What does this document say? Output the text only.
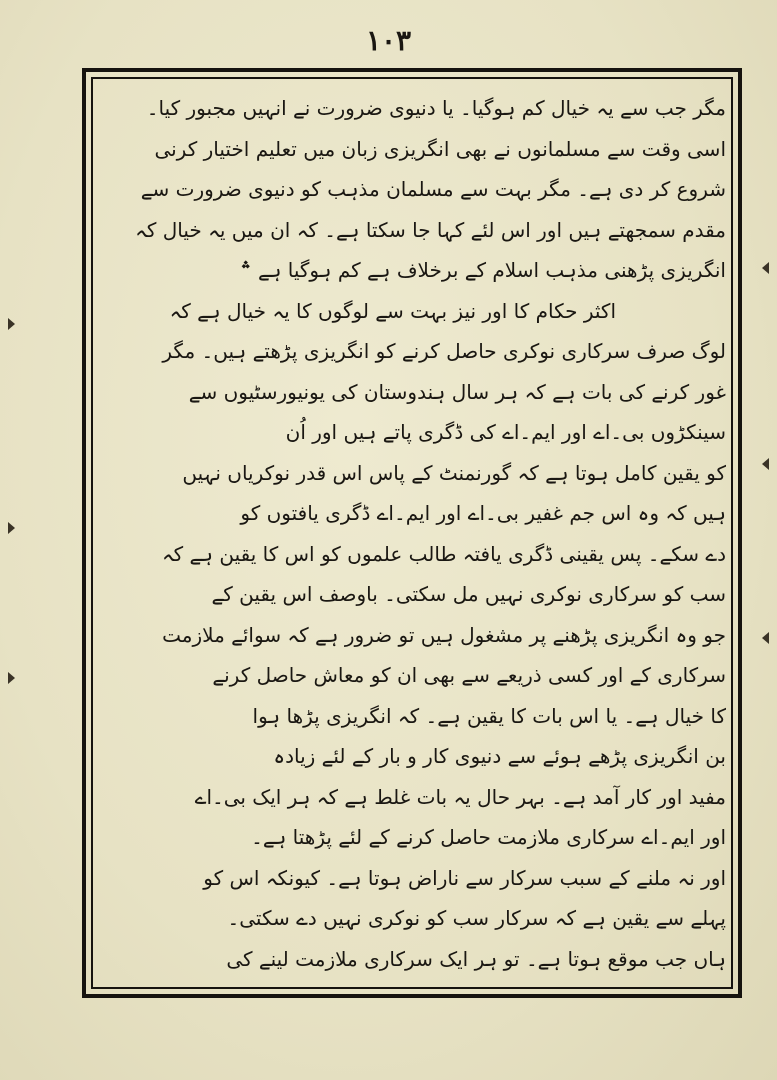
۱۰۳
مگر جب سے یہ خیال کم ہوگیا۔ یا دنیوی ضرورت نے انہیں مجبور کیا۔
اسی وقت سے مسلمانوں نے بھی انگریزی زبان میں تعلیم اختیار کرنی
شروع کر دی ہے۔ مگر بہت سے مسلمان مذہب کو دنیوی ضرورت سے
مقدم سمجھتے ہیں اور اس لئے کہا جا سکتا ہے۔ کہ ان میں یہ خیال کہ
انگریزی پڑھنی مذہب اسلام کے برخلاف ہے کم ہوگیا ہے ؞
اکثر حکام کا اور نیز بہت سے لوگوں کا یہ خیال ہے کہ
لوگ صرف سرکاری نوکری حاصل کرنے کو انگریزی پڑھتے ہیں۔ مگر
غور کرنے کی بات ہے کہ ہر سال ہندوستان کی یونیورسٹیوں سے
سینکڑوں بی۔اے اور ایم۔اے کی ڈگری پاتے ہیں اور اُن
کو یقین کامل ہوتا ہے کہ گورنمنٹ کے پاس اس قدر نوکریاں نہیں
ہیں کہ وہ اس جم غفیر بی۔اے اور ایم۔اے ڈگری یافتوں کو
دے سکے۔ پس یقینی ڈگری یافتہ طالب علموں کو اس کا یقین ہے کہ
سب کو سرکاری نوکری نہیں مل سکتی۔ باوصف اس یقین کے
جو وہ انگریزی پڑھنے پر مشغول ہیں تو ضرور ہے کہ سوائے ملازمت
سرکاری کے اور کسی ذریعے سے بھی ان کو معاش حاصل کرنے
کا خیال ہے۔ یا اس بات کا یقین ہے۔ کہ انگریزی پڑھا ہوا
بن انگریزی پڑھے ہوئے سے دنیوی کار و بار کے لئے زیادہ
مفید اور کار آمد ہے۔ بہر حال یہ بات غلط ہے کہ ہر ایک بی۔اے
اور ایم۔اے سرکاری ملازمت حاصل کرنے کے لئے پڑھتا ہے۔
اور نہ ملنے کے سبب سرکار سے ناراض ہوتا ہے۔ کیونکہ اس کو
پہلے سے یقین ہے کہ سرکار سب کو نوکری نہیں دے سکتی۔
ہاں جب موقع ہوتا ہے۔ تو ہر ایک سرکاری ملازمت لینے کی
